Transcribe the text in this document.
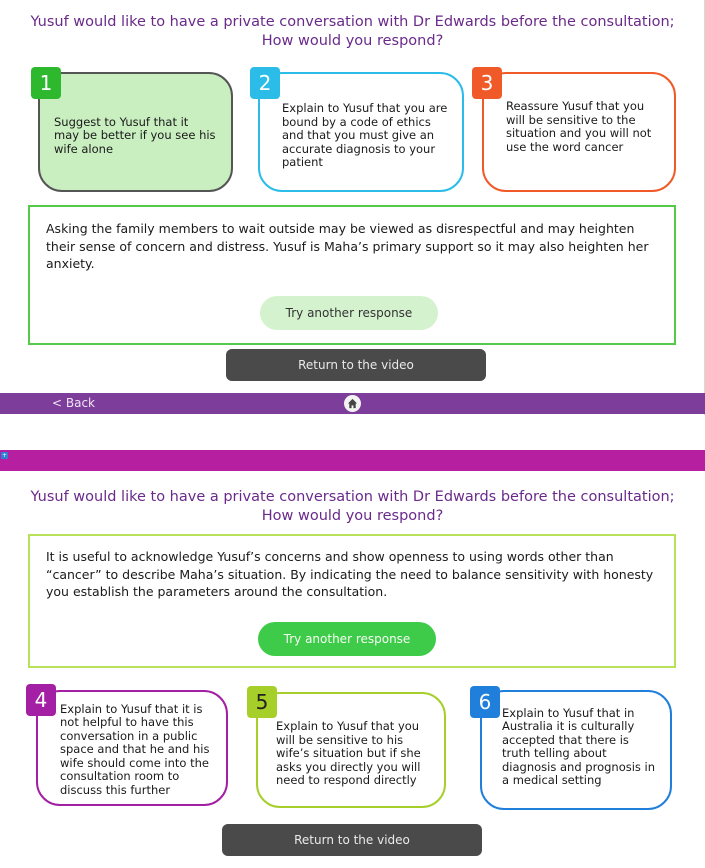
Yusuf would like to have a private conversation with Dr Edwards before the consultation; How would you respond?
Suggest to Yusuf that it may be better if you see his wife alone
1
Explain to Yusuf that you are bound by a code of ethics and that you must give an accurate diagnosis to your patient
2
Reassure Yusuf that you will be sensitive to the situation and you will not use the word cancer
3
Asking the family members to wait outside may be viewed as disrespectful and may heighten their sense of concern and distress. Yusuf is Maha’s primary support so it may also heighten her anxiety.
Try another response
Return to the video
< Back
+
Yusuf would like to have a private conversation with Dr Edwards before the consultation; How would you respond?
It is useful to acknowledge Yusuf’s concerns and show openness to using words other than “cancer” to describe Maha’s situation. By indicating the need to balance sensitivity with honesty you establish the parameters around the consultation.
Try another response
Explain to Yusuf that it is not helpful to have this conversation in a public space and that he and his wife should come into the consultation room to discuss this further
4
Explain to Yusuf that you will be sensitive to his wife’s situation but if she asks you directly you will need to respond directly
5	Explain to Yusuf that in Australia it is culturally accepted that there is truth telling about diagnosis and prognosis in a medical setting
6
Return to the video
